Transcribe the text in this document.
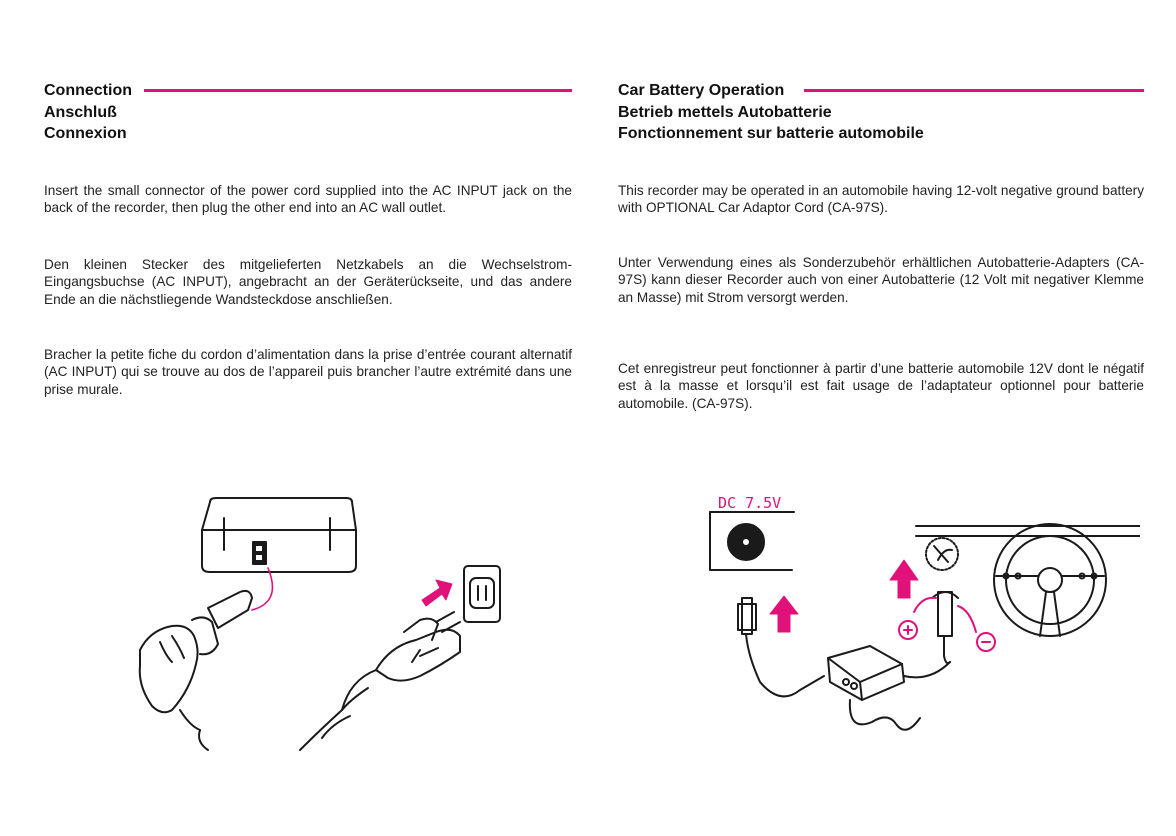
Connection
Anschluß
Connexion
Insert the small connector of the power cord supplied into the AC INPUT jack on the back of the recorder, then plug the other end into an AC wall outlet.
Den kleinen Stecker des mitgelieferten Netzkabels an die Wechselstrom-Eingangsbuchse (AC INPUT), angebracht an der Geräterückseite, und das andere Ende an die nächstliegende Wandsteckdose anschließen.
Bracher la petite fiche du cordon d’alimentation dans la prise d’entrée courant alternatif (AC INPUT) qui se trouve au dos de l’appareil puis brancher l’autre extrémité dans une prise murale.
Car Battery Operation
Betrieb mettels Autobatterie
Fonctionnement sur batterie automobile
This recorder may be operated in an automobile having 12-volt negative ground battery with OPTIONAL Car Adaptor Cord (CA-97S).
Unter Verwendung eines als Sonderzubehör erhältlichen Autobatterie-Adapters (CA-97S) kann dieser Recorder auch von einer Autobatterie (12 Volt mit negativer Klemme an Masse) mit Strom versorgt werden.
Cet enregistreur peut fonctionner à partir d’une batterie automobile 12V dont le négatif est à la masse et lorsqu’il est fait usage de l’adaptateur optionnel pour batterie automobile. (CA-97S).
DC 7.5V
